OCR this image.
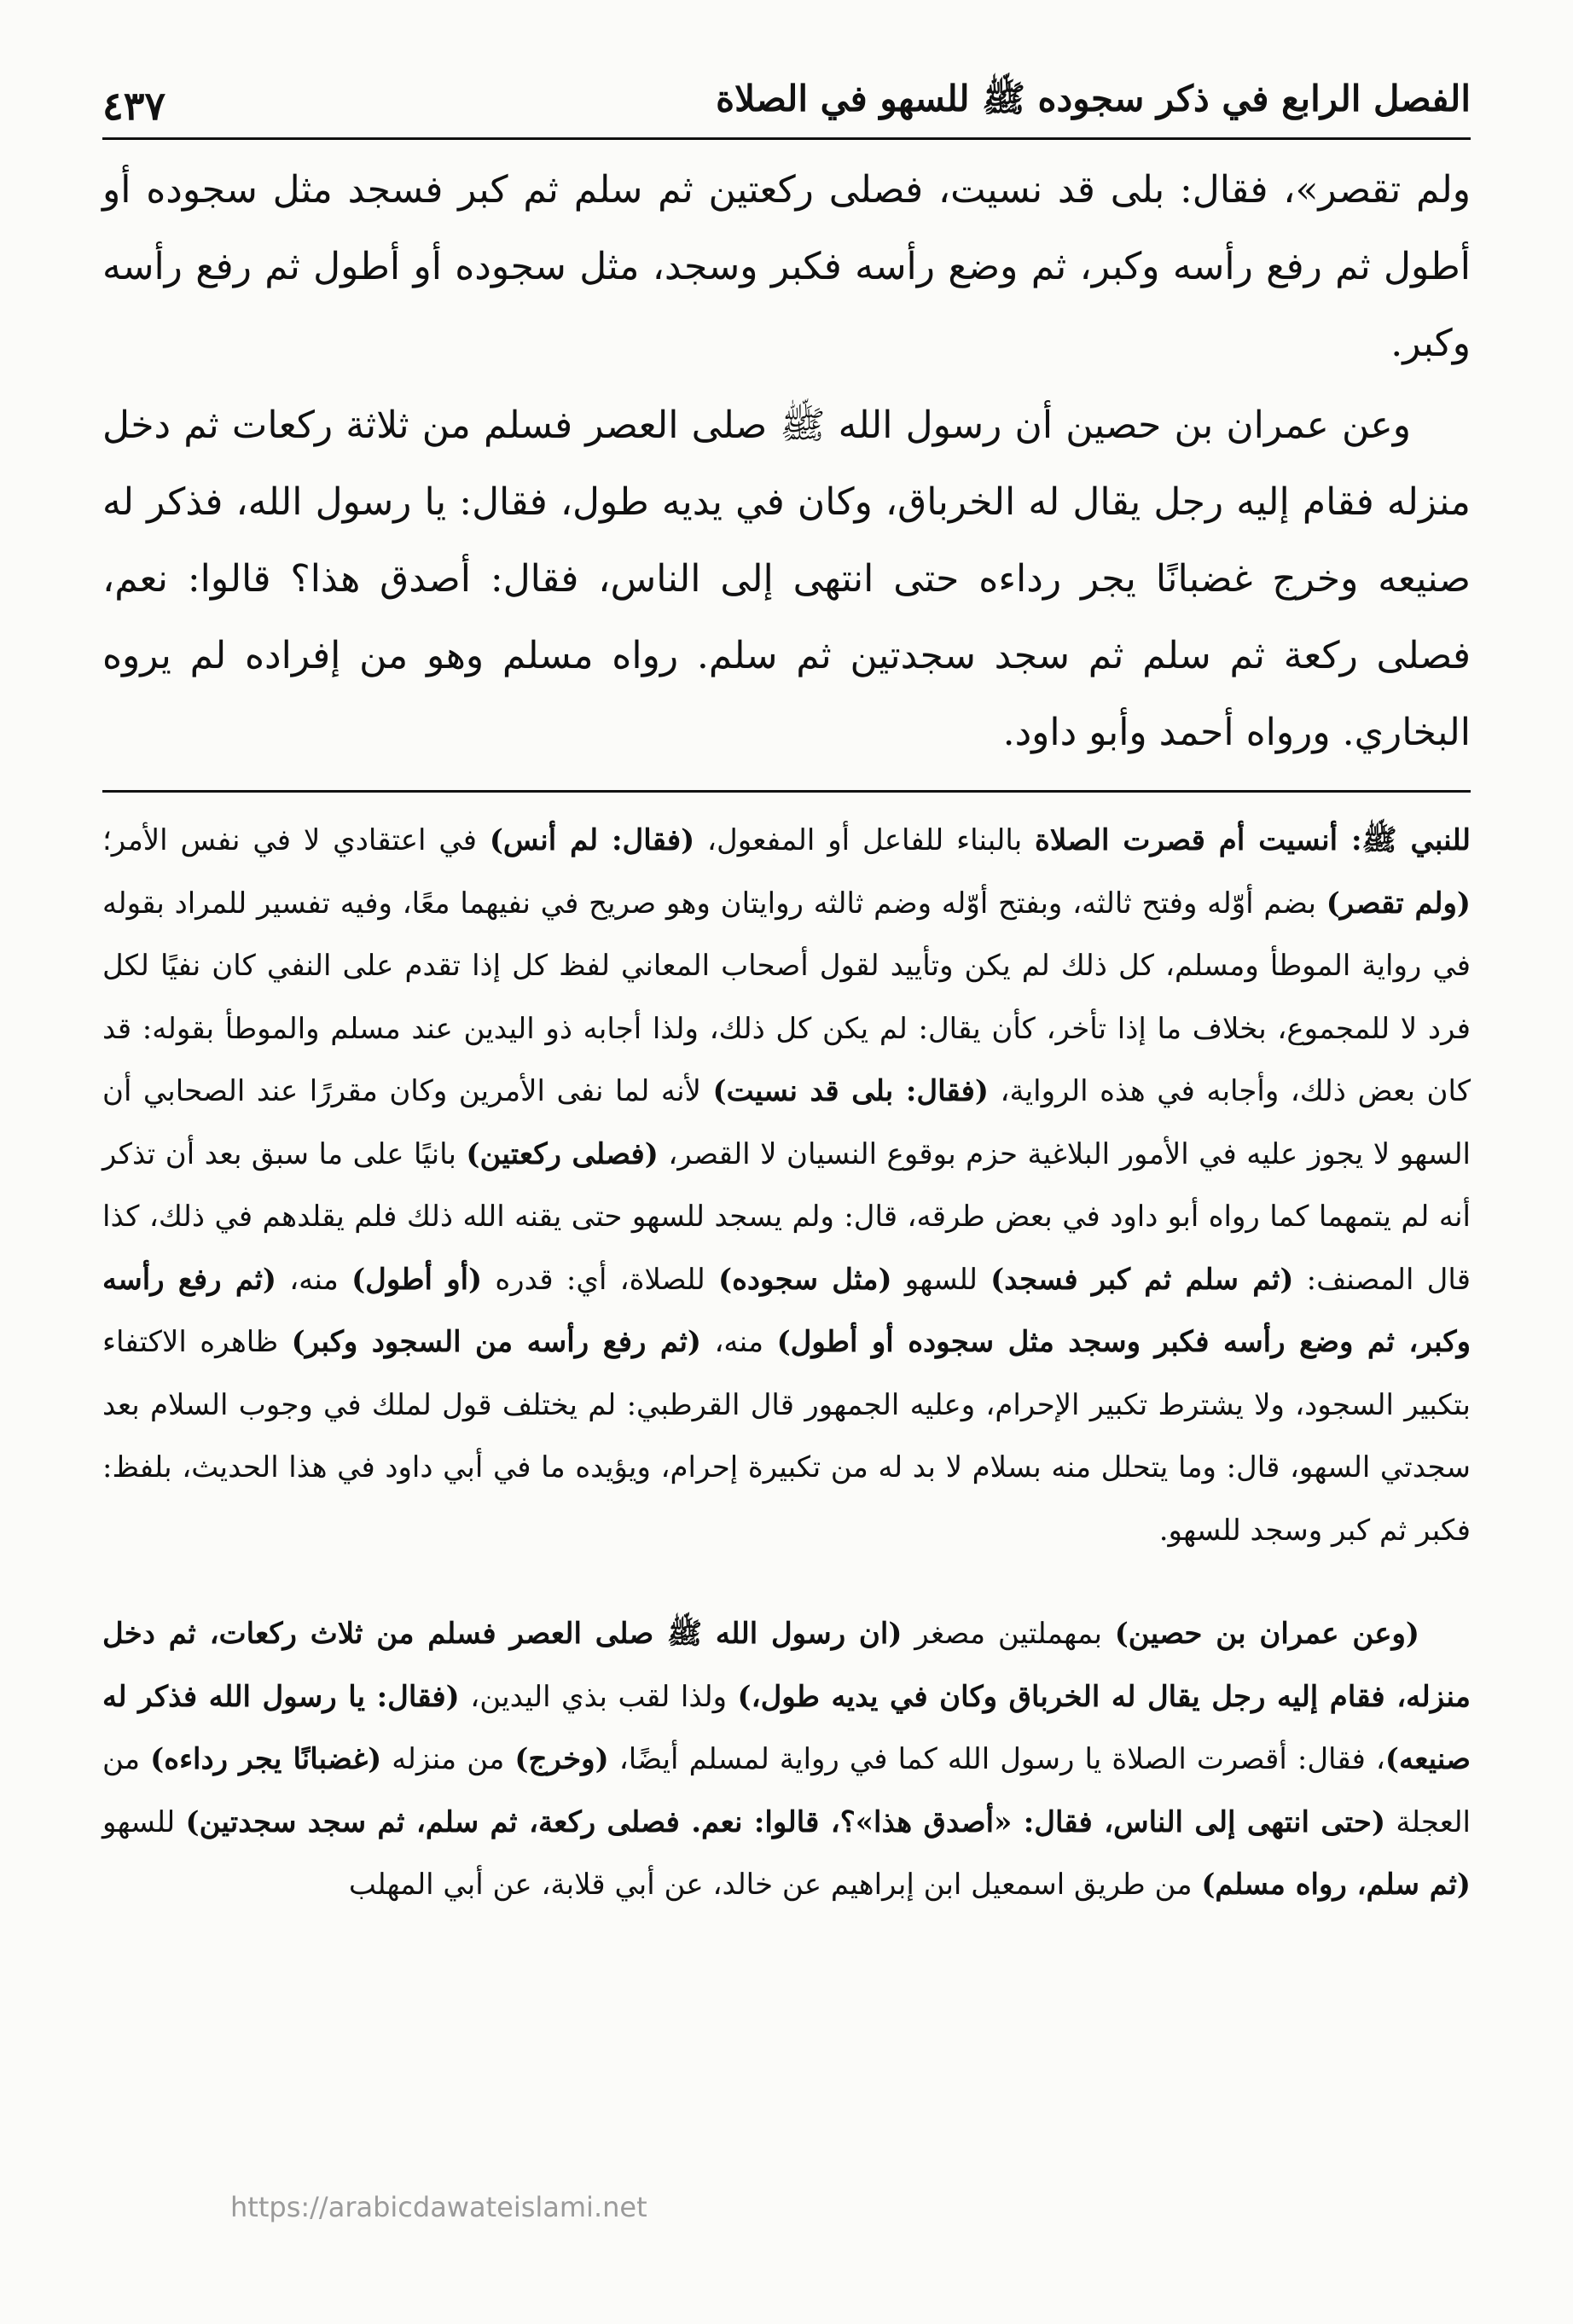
الفصل الرابع في ذكر سجوده ﷺ للسهو في الصلاة
٤٣٧

ولم تقصر»، فقال: بلى قد نسيت، فصلى ركعتين ثم سلم ثم كبر فسجد مثل سجوده أو أطول ثم رفع رأسه وكبر، ثم وضع رأسه فكبر وسجد، مثل سجوده أو أطول ثم رفع رأسه وكبر.

وعن عمران بن حصين أن رسول الله ﷺ صلى العصر فسلم من ثلاثة ركعات ثم دخل منزله فقام إليه رجل يقال له الخرباق، وكان في يديه طول، فقال: يا رسول الله، فذكر له صنيعه وخرج غضبانًا يجر رداءه حتى انتهى إلى الناس، فقال: أصدق هذا؟ قالوا: نعم، فصلى ركعة ثم سلم ثم سجد سجدتين ثم سلم. رواه مسلم وهو من إفراده لم يروه البخاري. ورواه أحمد وأبو داود.

للنبي ﷺ: أنسيت أم قصرت الصلاة بالبناء للفاعل أو المفعول، (فقال: لم أنس) في اعتقادي لا في نفس الأمر؛ (ولم تقصر) بضم أوّله وفتح ثالثه، وبفتح أوّله وضم ثالثه روايتان وهو صريح في نفيهما معًا، وفيه تفسير للمراد بقوله في رواية الموطأ ومسلم، كل ذلك لم يكن وتأييد لقول أصحاب المعاني لفظ كل إذا تقدم على النفي كان نفيًا لكل فرد لا للمجموع، بخلاف ما إذا تأخر، كأن يقال: لم يكن كل ذلك، ولذا أجابه ذو اليدين عند مسلم والموطأ بقوله: قد كان بعض ذلك، وأجابه في هذه الرواية، (فقال: بلى قد نسيت) لأنه لما نفى الأمرين وكان مقررًا عند الصحابي أن السهو لا يجوز عليه في الأمور البلاغية حزم بوقوع النسيان لا القصر، (فصلى ركعتين) بانيًا على ما سبق بعد أن تذكر أنه لم يتمهما كما رواه أبو داود في بعض طرقه، قال: ولم يسجد للسهو حتى يقنه الله ذلك فلم يقلدهم في ذلك، كذا قال المصنف: (ثم سلم ثم كبر فسجد) للسهو (مثل سجوده) للصلاة، أي: قدره (أو أطول) منه، (ثم رفع رأسه وكبر، ثم وضع رأسه فكبر وسجد مثل سجوده أو أطول) منه، (ثم رفع رأسه من السجود وكبر) ظاهره الاكتفاء بتكبير السجود، ولا يشترط تكبير الإحرام، وعليه الجمهور قال القرطبي: لم يختلف قول لملك في وجوب السلام بعد سجدتي السهو، قال: وما يتحلل منه بسلام لا بد له من تكبيرة إحرام، ويؤيده ما في أبي داود في هذا الحديث، بلفظ: فكبر ثم كبر وسجد للسهو.

(وعن عمران بن حصين) بمهملتين مصغر (ان رسول الله ﷺ صلى العصر فسلم من ثلاث ركعات، ثم دخل منزله، فقام إليه رجل يقال له الخرباق وكان في يديه طول،) ولذا لقب بذي اليدين، (فقال: يا رسول الله فذكر له صنيعه)، فقال: أقصرت الصلاة يا رسول الله كما في رواية لمسلم أيضًا، (وخرج) من منزله (غضبانًا يجر رداءه) من العجلة (حتى انتهى إلى الناس، فقال: «أصدق هذا»؟، قالوا: نعم. فصلى ركعة، ثم سلم، ثم سجد سجدتين) للسهو (ثم سلم، رواه مسلم) من طريق اسمعيل ابن إبراهيم عن خالد، عن أبي قلابة، عن أبي المهلب

https://arabicdawateislami.net
